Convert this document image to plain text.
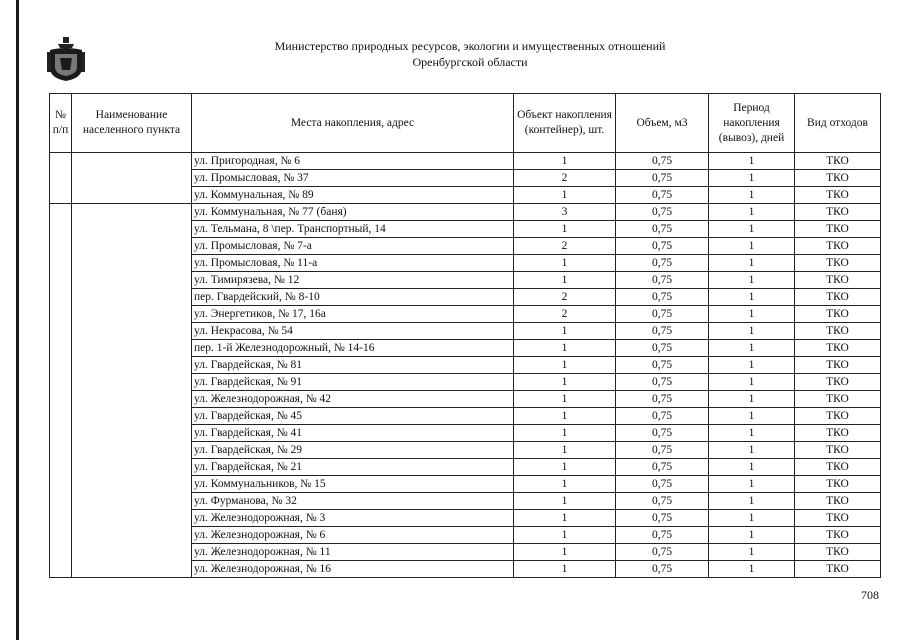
Министерство природных ресурсов, экологии и имущественных отношений
Оренбургской области
№ п/п	Наименование населенного пункта	Места накопления, адрес	Объект накопления (контейнер), шт.	Объем, м3	Период накопления (вывоз), дней	Вид отходов
		ул. Пригородная, № 6	1	0,75	1	ТКО
		ул. Промысловая, № 37	2	0,75	1	ТКО
		ул. Коммунальная, № 89	1	0,75	1	ТКО
		ул. Коммунальная, № 77 (баня)	3	0,75	1	ТКО
		ул. Тельмана, 8 \пер. Транспортный, 14	1	0,75	1	ТКО
		ул. Промысловая, № 7-а	2	0,75	1	ТКО
		ул. Промысловая, № 11-а	1	0,75	1	ТКО
		ул. Тимирязева, № 12	1	0,75	1	ТКО
		пер. Гвардейский, № 8-10	2	0,75	1	ТКО
		ул. Энергетиков, № 17, 16а	2	0,75	1	ТКО
		ул. Некрасова, № 54	1	0,75	1	ТКО
		пер. 1-й Железнодорожный, № 14-16	1	0,75	1	ТКО
		ул. Гвардейская, № 81	1	0,75	1	ТКО
		ул. Гвардейская, № 91	1	0,75	1	ТКО
		ул. Железнодорожная, № 42	1	0,75	1	ТКО
		ул. Гвардейская, № 45	1	0,75	1	ТКО
		ул. Гвардейская, № 41	1	0,75	1	ТКО
		ул. Гвардейская, № 29	1	0,75	1	ТКО
		ул. Гвардейская, № 21	1	0,75	1	ТКО
		ул. Коммунальников, № 15	1	0,75	1	ТКО
		ул. Фурманова, № 32	1	0,75	1	ТКО
		ул. Железнодорожная, № 3	1	0,75	1	ТКО
		ул. Железнодорожная, № 6	1	0,75	1	ТКО
		ул. Железнодорожная, № 11	1	0,75	1	ТКО
		ул. Железнодорожная, № 16	1	0,75	1	ТКО
708
